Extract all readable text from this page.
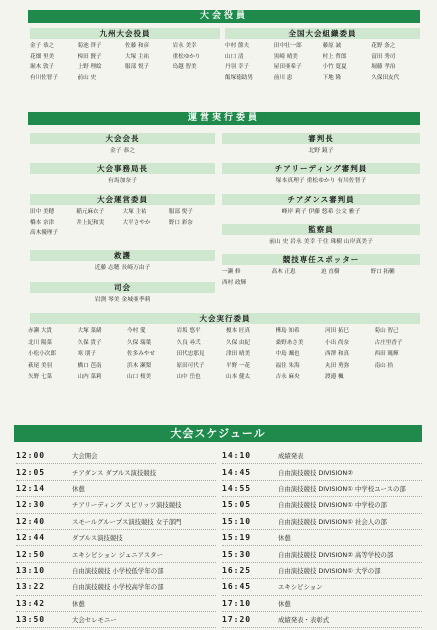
大会役員
九州大会役員
金子 恭之	菊池 啓子	佐藤 和彦	岩永 美幸
花畑 里美	樟田 賢子	大塚 主祐	重松ゆかり
堀木 敦子	上野 理絵	服部 悦子	鳥越 智美
有川佐智子	前山 史
全国大会組織委員
中村 節夫	田中壮一郎	藤原 誠	花野 条之
山口 清	黒崎 晴美	村上 哲郎	富田 秀司
丹羽 幸子	屋田亜希子	小竹 寛夏	堀藤 孝治
飯塚徳助男	前川 恵	下地 隆	久保田友代
運営実行委員
大会会長
金子 恭之
大会事務局長
有馬加奈子
大会運営委員
田中 美穂	稲元麻衣子	大塚 主祐	服部 悦子
橋本 奈津	井上紀和実	大平さやか	野口 彩奈
高木優理子
救護
近藤 志穂 長崎万由子
司会
岩渕 琴美 金城亜季莉
審判長
北野 鏡子
チアリーディング審判員
塚本真理子 重松ゆかり 有川佐智子
チアダンス審判員
峰岸 莉子 伊藤 悠希 公文 雅子
監察員
前山 史 岩永 美幸 千住 珠樹 山岸真美子
競技専任スポッター
一瀬 修	高木 正恵	迫 直樹	野口 拓輔
西村 政輝
大会実行委員
赤瀬 大貴	大塚 菜緒	今村 愛	岩坂 悠平	榎本 匠真	樺島 知希	河田 拓巳	菊山 智己
北川 陽菜	久保 貴子	久保 瑞葉	久良 尋弐	久保 由紀	桑野あさ美	小出 尚奈	古庄里香子
小松小次郎	寒 朋子	佐多みやせ	田代忠那見	津田 晴美	中島 颯也	西澤 和真	西田 暁輝
萩尾 美羽	橋口 芭南	浜木 瀬梨	原田可代子	平野 一花	福住 朱海	丸田 勇弥	南山 拾
矢野 七菜	山内 菜莉	山口 桜美	山中 岳也	山本 健太	吉永 麻央	渡邉 楓
大会スケジュール
12:00	大会開会
12:05	チアダンス ダブルス演技競技
12:14	休憩
12:30	チアリーディング スピリッツ演技競技
12:40	スモールグループス演技競技 女子部門
12:44	ダブルス演技競技
12:50	エキシビション ジュニアスター
13:10	自由演技競技 小学校低学年の部
13:22	自由演技競技 小学校高学年の部
13:42	休憩
13:50	大会セレモニー
14:10	成績発表
14:45	自由演技競技 DIVISION②
14:55	自由演技競技 DIVISION① 中学校ユースの部
15:05	自由演技競技 DIVISION① 中学校の部
15:10	自由演技競技 DIVISION① 社会人の部
15:19	休憩
15:30	自由演技競技 DIVISION② 高等学校の部
16:25	自由演技競技 DIVISION① 大学の部
16:45	エキシビション
17:10	休憩
17:20	成績発表・表彰式
